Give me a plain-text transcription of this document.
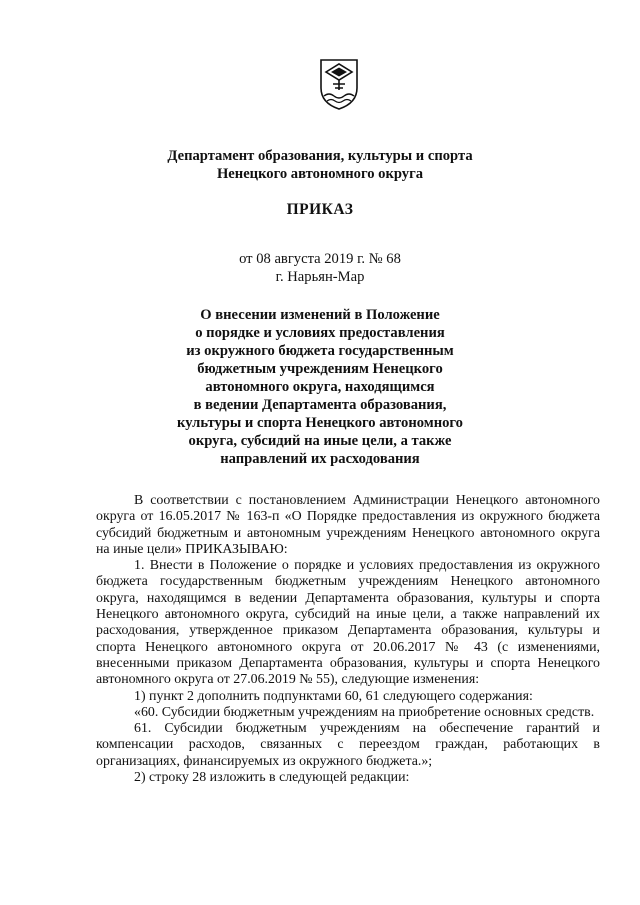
Департамент образования, культуры и спорта
Ненецкого автономного округа
ПРИКАЗ
от 08 августа 2019 г. № 68
г. Нарьян-Мар
О внесении изменений в Положение
о порядке и условиях предоставления
из окружного бюджета государственным
бюджетным учреждениям Ненецкого
автономного округа, находящимся
в ведении Департамента образования,
культуры и спорта Ненецкого автономного
округа, субсидий на иные цели, а также
направлений их расходования

В соответствии с постановлением Администрации Ненецкого автономного округа от 16.05.2017 № 163-п «О Порядке предоставления из окружного бюджета субсидий бюджетным и автономным учреждениям Ненецкого автономного округа на иные цели» ПРИКАЗЫВАЮ:

1. Внести в Положение о порядке и условиях предоставления из окружного бюджета государственным бюджетным учреждениям Ненецкого автономного округа, находящимся в ведении Департамента образования, культуры и спорта Ненецкого автономного округа, субсидий на иные цели, а также направлений их расходования, утвержденное приказом Департамента образования, культуры и спорта Ненецкого автономного округа от 20.06.2017 № 43 (с изменениями, внесенными приказом Департамента образования, культуры и спорта Ненецкого автономного округа от 27.06.2019 № 55), следующие изменения:

1) пункт 2 дополнить подпунктами 60, 61 следующего содержания:

«60. Субсидии бюджетным учреждениям на приобретение основных средств.

61. Субсидии бюджетным учреждениям на обеспечение гарантий и компенсации расходов, связанных с переездом граждан, работающих в организациях, финансируемых из окружного бюджета.»;

2) строку 28 изложить в следующей редакции:
